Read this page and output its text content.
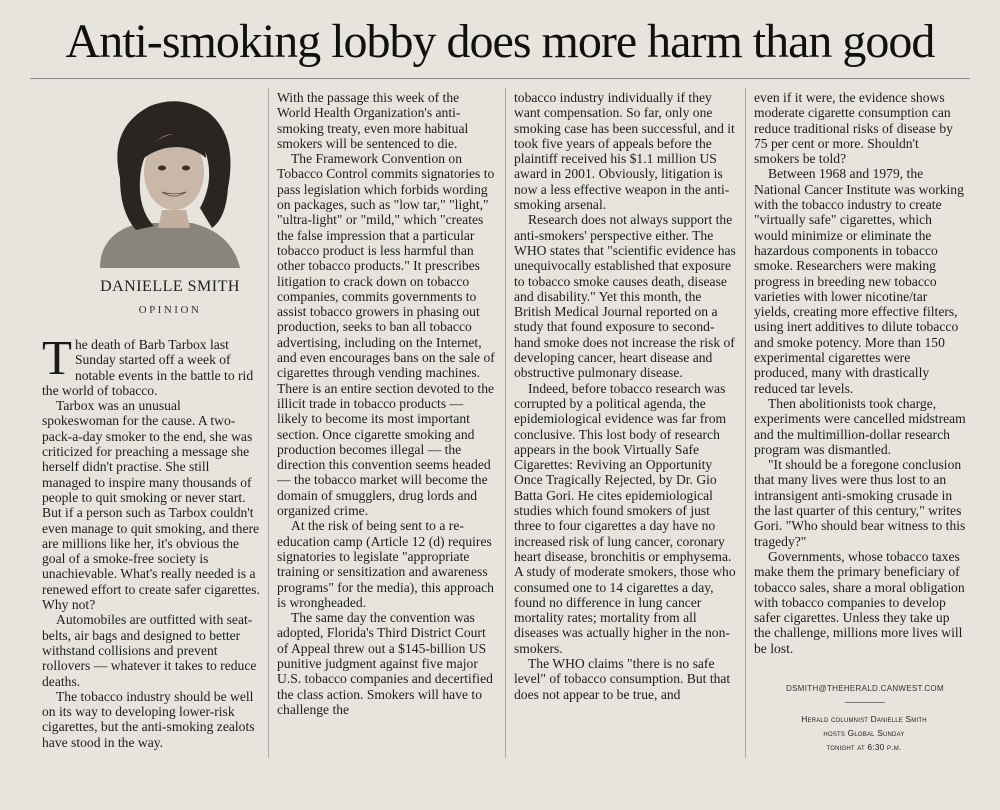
Anti-smoking lobby does more harm than good
DANIELLE SMITH
OPINION

The death of Barb Tarbox last Sunday started off a week of notable events in the battle to rid the world of tobacco.

Tarbox was an unusual spokeswoman for the cause. A two-pack-a-day smoker to the end, she was criticized for preaching a message she herself didn't practise. She still managed to inspire many thousands of people to quit smoking or never start. But if a person such as Tarbox couldn't even manage to quit smoking, and there are millions like her, it's obvious the goal of a smoke-free society is unachievable. What's really needed is a renewed effort to create safer cigarettes. Why not?

Automobiles are outfitted with seat-belts, air bags and designed to better withstand collisions and prevent rollovers — whatever it takes to reduce deaths.

The tobacco industry should be well on its way to developing lower-risk cigarettes, but the anti-smoking zealots have stood in the way.

With the passage this week of the World Health Organization's anti-smoking treaty, even more habitual smokers will be sentenced to die.

The Framework Convention on Tobacco Control commits signatories to pass legislation which forbids wording on packages, such as "low tar," "light," "ultra-light" or "mild," which "creates the false impression that a particular tobacco product is less harmful than other tobacco products." It prescribes litigation to crack down on tobacco companies, commits governments to assist tobacco growers in phasing out production, seeks to ban all tobacco advertising, including on the Internet, and even encourages bans on the sale of cigarettes through vending machines. There is an entire section devoted to the illicit trade in tobacco products — likely to become its most important section. Once cigarette smoking and production becomes illegal — the direction this convention seems headed — the tobacco market will become the domain of smugglers, drug lords and organized crime.

At the risk of being sent to a re-education camp (Article 12 (d) requires signatories to legislate "appropriate training or sensitization and awareness programs" for the media), this approach is wrongheaded.

The same day the convention was adopted, Florida's Third District Court of Appeal threw out a $145-billion US punitive judgment against five major U.S. tobacco companies and decertified the class action. Smokers will have to challenge the

tobacco industry individually if they want compensation. So far, only one smoking case has been successful, and it took five years of appeals before the plaintiff received his $1.1 million US award in 2001. Obviously, litigation is now a less effective weapon in the anti-smoking arsenal.

Research does not always support the anti-smokers' perspective either. The WHO states that "scientific evidence has unequivocally established that exposure to tobacco smoke causes death, disease and disability." Yet this month, the British Medical Journal reported on a study that found exposure to second-hand smoke does not increase the risk of developing cancer, heart disease and obstructive pulmonary disease.

Indeed, before tobacco research was corrupted by a political agenda, the epidemiological evidence was far from conclusive. This lost body of research appears in the book Virtually Safe Cigarettes: Reviving an Opportunity Once Tragically Rejected, by Dr. Gio Batta Gori. He cites epidemiological studies which found smokers of just three to four cigarettes a day have no increased risk of lung cancer, coronary heart disease, bronchitis or emphysema. A study of moderate smokers, those who consumed one to 14 cigarettes a day, found no difference in lung cancer mortality rates; mortality from all diseases was actually higher in the non-smokers.

The WHO claims "there is no safe level" of tobacco consumption. But that does not appear to be true, and

even if it were, the evidence shows moderate cigarette consumption can reduce traditional risks of disease by 75 per cent or more. Shouldn't smokers be told?

Between 1968 and 1979, the National Cancer Institute was working with the tobacco industry to create "virtually safe" cigarettes, which would minimize or eliminate the hazardous components in tobacco smoke. Researchers were making progress in breeding new tobacco varieties with lower nicotine/tar yields, creating more effective filters, using inert additives to dilute tobacco and smoke potency. More than 150 experimental cigarettes were produced, many with drastically reduced tar levels.

Then abolitionists took charge, experiments were cancelled midstream and the multimillion-dollar research program was dismantled.

"It should be a foregone conclusion that many lives were thus lost to an intransigent anti-smoking crusade in the last quarter of this century," writes Gori. "Who should bear witness to this tragedy?"

Governments, whose tobacco taxes make them the primary beneficiary of tobacco sales, share a moral obligation with tobacco companies to develop safer cigarettes. Unless they take up the challenge, millions more lives will be lost.

DSMITH@THEHERALD.CANWEST.COM
Herald columnist Danielle Smith
hosts Global Sunday
tonight at 6:30 p.m.
